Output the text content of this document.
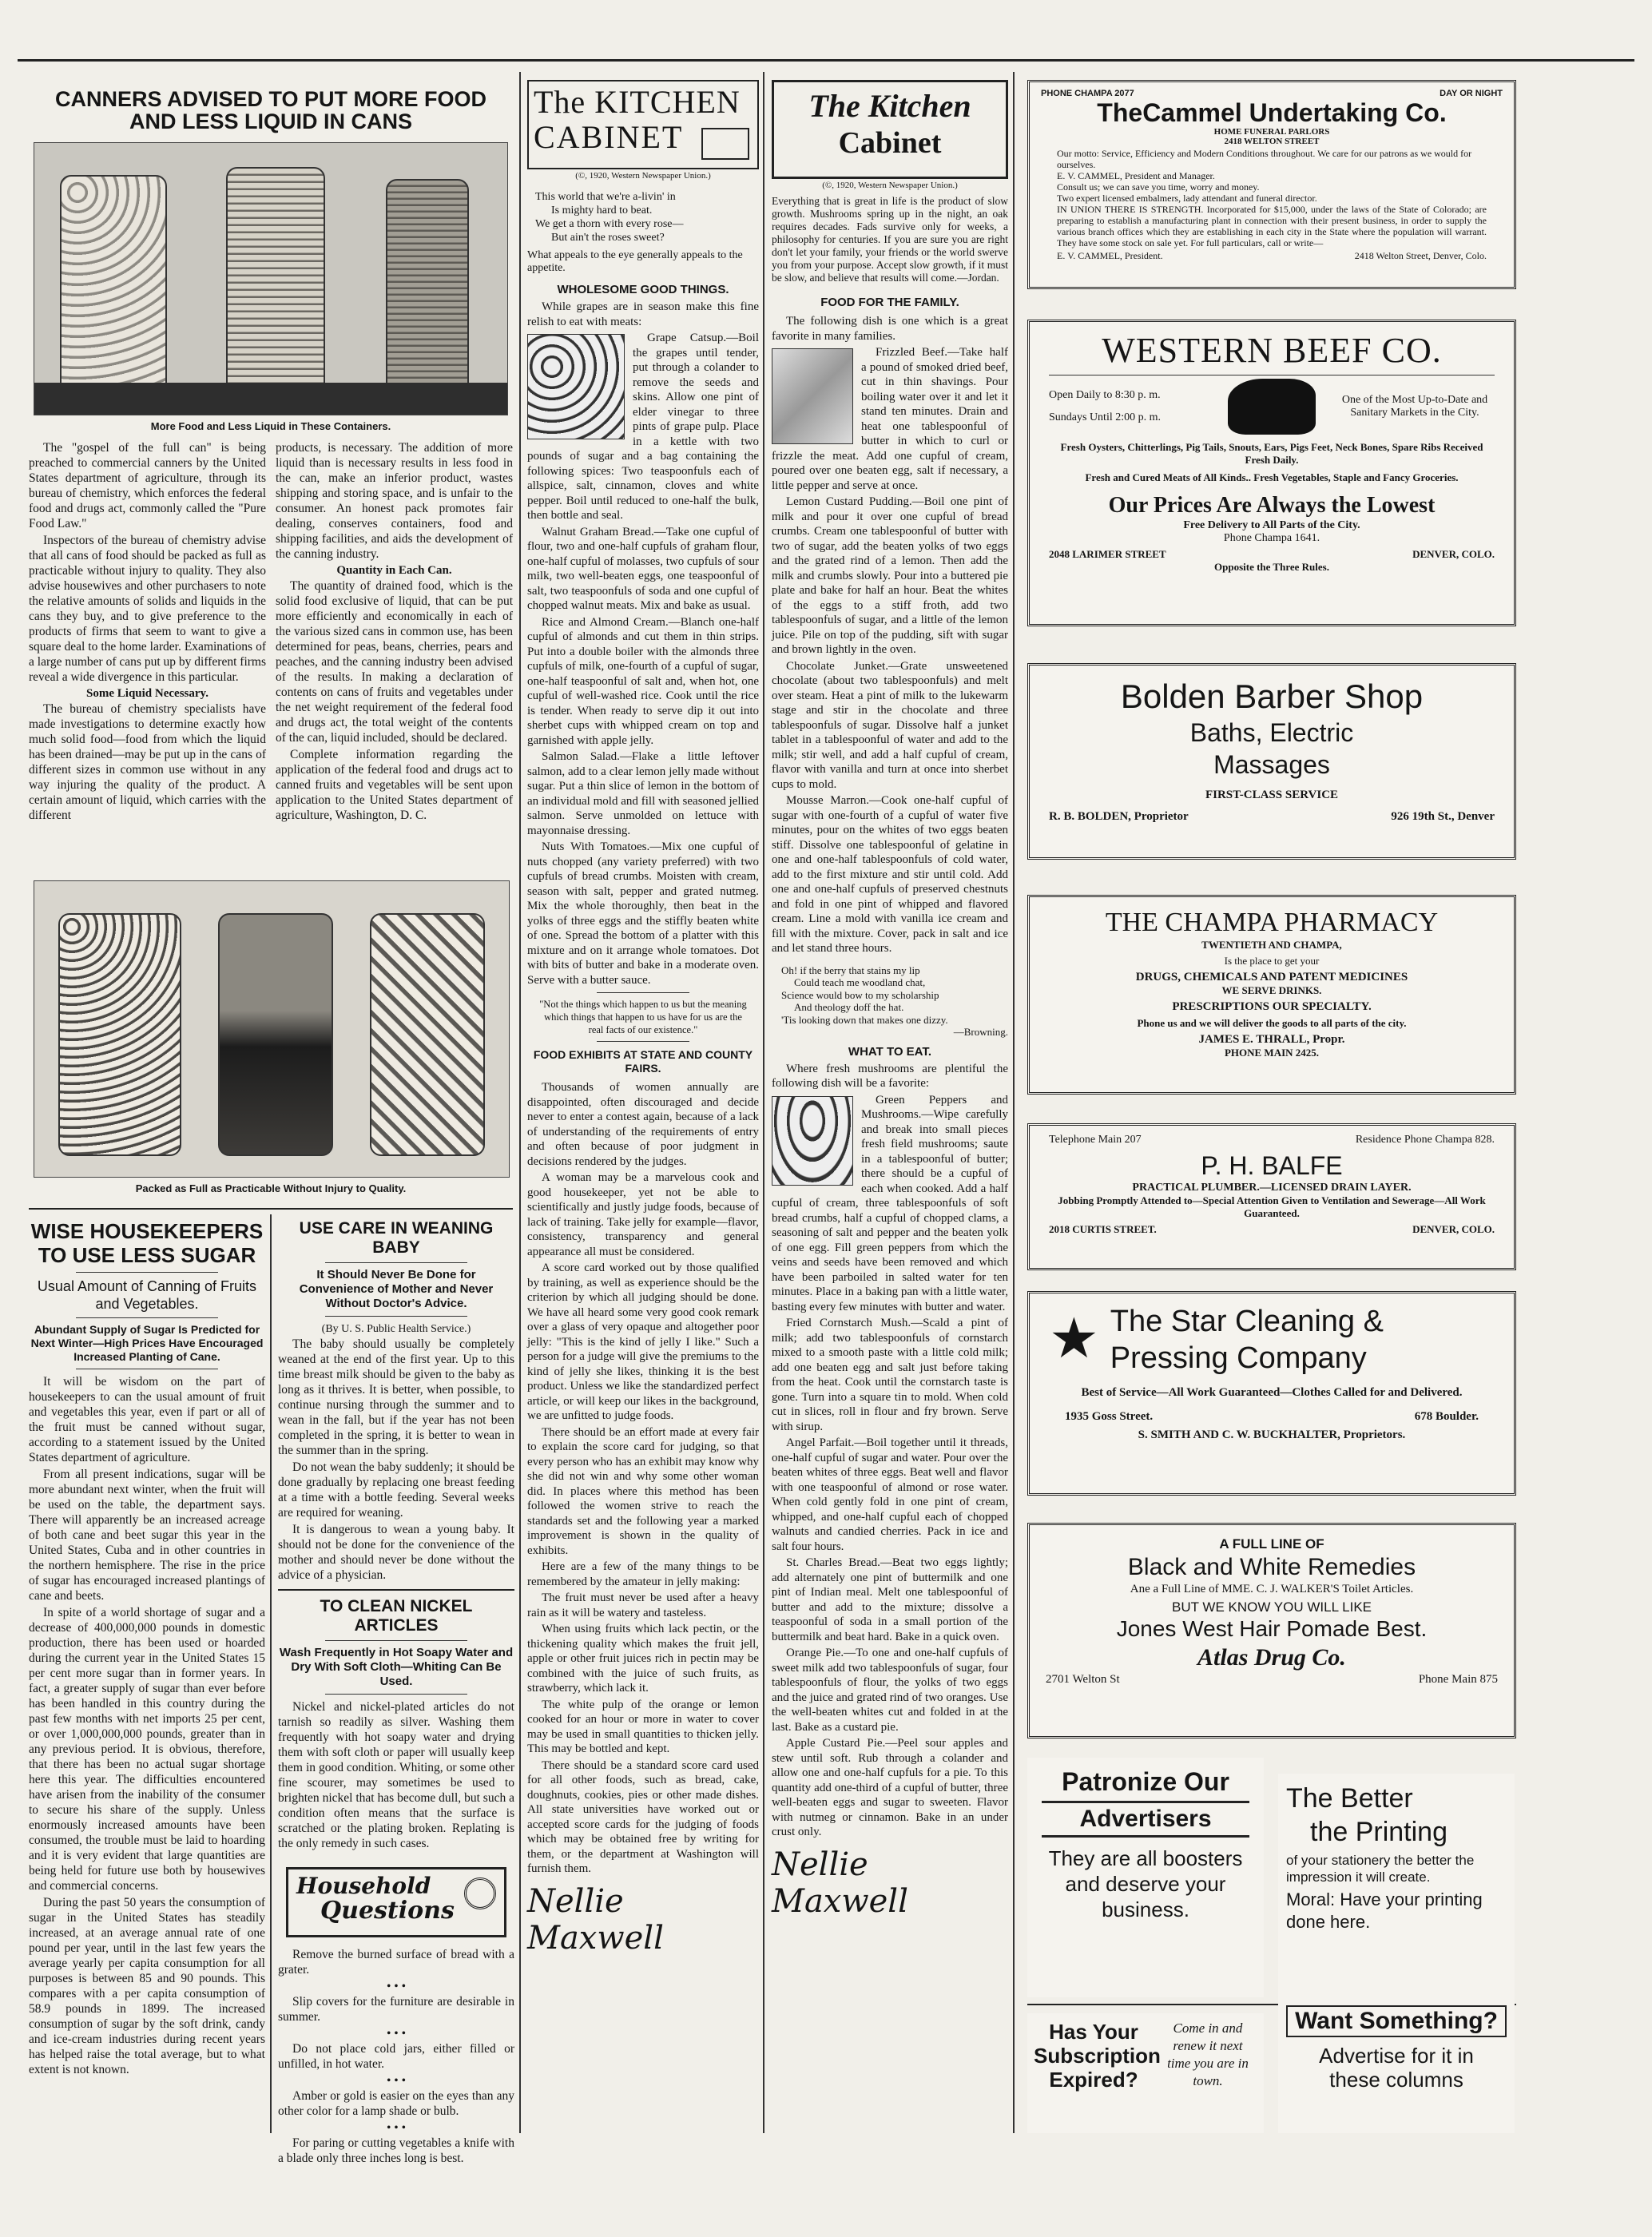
CANNERS ADVISED TO PUT MORE FOOD AND LESS LIQUID IN CANS
More Food and Less Liquid in These Containers.

The "gospel of the full can" is being preached to commercial canners by the United States department of agriculture, through its bureau of chemistry, which enforces the federal food and drugs act, commonly called the "Pure Food Law."

Inspectors of the bureau of chemistry advise that all cans of food should be packed as full as practicable without injury to quality. They also advise housewives and other purchasers to note the relative amounts of solids and liquids in the cans they buy, and to give preference to the products of firms that seem to want to give a square deal to the home larder. Examinations of a large number of cans put up by different firms reveal a wide divergence in this particular.

Some Liquid Necessary.

The bureau of chemistry specialists have made investigations to determine exactly how much solid food—food from which the liquid has been drained—may be put up in the cans of different sizes in common use without in any way injuring the quality of the product. A certain amount of liquid, which carries with the different

products, is necessary. The addition of more liquid than is necessary results in less food in the can, make an inferior product, wastes shipping and storing space, and is unfair to the consumer. An honest pack promotes fair dealing, conserves containers, food and shipping facilities, and aids the development of the canning industry.

Quantity in Each Can.

The quantity of drained food, which is the solid food exclusive of liquid, that can be put more efficiently and economically in each of the various sized cans in common use, has been determined for peas, beans, cherries, pears and peaches, and the canning industry been advised of the results. In making a declaration of contents on cans of fruits and vegetables under the net weight requirement of the federal food and drugs act, the total weight of the contents of the can, liquid included, should be declared.

Complete information regarding the application of the federal food and drugs act to canned fruits and vegetables will be sent upon application to the United States department of agriculture, Washington, D. C.

Packed as Full as Practicable Without Injury to Quality.
WISE HOUSEKEEPERS TO USE LESS SUGAR
Usual Amount of Canning of Fruits and Vegetables.
Abundant Supply of Sugar Is Predicted for Next Winter—High Prices Have Encouraged Increased Planting of Cane.

It will be wisdom on the part of housekeepers to can the usual amount of fruit and vegetables this year, even if part or all of the fruit must be canned without sugar, according to a statement issued by the United States department of agriculture.

From all present indications, sugar will be more abundant next winter, when the fruit will be used on the table, the department says. There will apparently be an increased acreage of both cane and beet sugar this year in the United States, Cuba and in other countries in the northern hemisphere. The rise in the price of sugar has encouraged increased plantings of cane and beets.

In spite of a world shortage of sugar and a decrease of 400,000,000 pounds in domestic production, there has been used or hoarded during the current year in the United States 15 per cent more sugar than in former years. In fact, a greater supply of sugar than ever before has been handled in this country during the past few months with net imports 25 per cent, or over 1,000,000,000 pounds, greater than in any previous period. It is obvious, therefore, that there has been no actual sugar shortage here this year. The difficulties encountered have arisen from the inability of the consumer to secure his share of the supply. Unless enormously increased amounts have been consumed, the trouble must be laid to hoarding and it is very evident that large quantities are being held for future use both by housewives and commercial concerns.

During the past 50 years the consumption of sugar in the United States has steadily increased, at an average annual rate of one pound per year, until in the last few years the average yearly per capita consumption for all purposes is between 85 and 90 pounds. This compares with a per capita consumption of 58.9 pounds in 1899. The increased consumption of sugar by the soft drink, candy and ice-cream industries during recent years has helped raise the total average, but to what extent is not known.

USE CARE IN WEANING BABY
It Should Never Be Done for Convenience of Mother and Never Without Doctor's Advice.
(By U. S. Public Health Service.)

The baby should usually be completely weaned at the end of the first year. Up to this time breast milk should be given to the baby as long as it thrives. It is better, when possible, to continue nursing through the summer and to wean in the fall, but if the year has not been completed in the spring, it is better to wean in the summer than in the spring.

Do not wean the baby suddenly; it should be done gradually by replacing one breast feeding at a time with a bottle feeding. Several weeks are required for weaning.

It is dangerous to wean a young baby. It should not be done for the convenience of the mother and should never be done without the advice of a physician.

TO CLEAN NICKEL ARTICLES
Wash Frequently in Hot Soapy Water and Dry With Soft Cloth—Whiting Can Be Used.

Nickel and nickel-plated articles do not tarnish so readily as silver. Washing them frequently with hot soapy water and drying them with soft cloth or paper will usually keep them in good condition. Whiting, or some other fine scourer, may sometimes be used to brighten nickel that has become dull, but such a condition often means that the surface is scratched or the plating broken. Replating is the only remedy in such cases.

Household
Questions

Remove the burned surface of bread with a grater.

• • •

Slip covers for the furniture are desirable in summer.

• • •

Do not place cold jars, either filled or unfilled, in hot water.

• • •

Amber or gold is easier on the eyes than any other color for a lamp shade or bulb.

• • •

For paring or cutting vegetables a knife with a blade only three inches long is best.

The KITCHEN
CABINET
(©, 1920, Western Newspaper Union.)
This world that we're a-livin' in
Is mighty hard to beat.
We get a thorn with every rose—
But ain't the roses sweet?
What appeals to the eye generally appeals to the appetite.
WHOLESOME GOOD THINGS.

While grapes are in season make this fine relish to eat with meats:

Grape Catsup.—Boil the grapes until tender, put through a colander to remove the seeds and skins. Allow one pint of elder vinegar to three pints of grape pulp. Place in a kettle with two pounds of sugar and a bag containing the following spices: Two teaspoonfuls each of allspice, salt, cinnamon, cloves and white pepper. Boil until reduced to one-half the bulk, then bottle and seal.

Walnut Graham Bread.—Take one cupful of flour, two and one-half cupfuls of graham flour, one-half cupful of molasses, two cupfuls of sour milk, two well-beaten eggs, one teaspoonful of salt, two teaspoonfuls of soda and one cupful of chopped walnut meats. Mix and bake as usual.

Rice and Almond Cream.—Blanch one-half cupful of almonds and cut them in thin strips. Put into a double boiler with the almonds three cupfuls of milk, one-fourth of a cupful of sugar, one-half teaspoonful of salt and, when hot, one cupful of well-washed rice. Cook until the rice is tender. When ready to serve dip it out into sherbet cups with whipped cream on top and garnished with apple jelly.

Salmon Salad.—Flake a little leftover salmon, add to a clear lemon jelly made without sugar. Put a thin slice of lemon in the bottom of an individual mold and fill with seasoned jellied salmon. Serve unmolded on lettuce with mayonnaise dressing.

Nuts With Tomatoes.—Mix one cupful of nuts chopped (any variety preferred) with two cupfuls of bread crumbs. Moisten with cream, season with salt, pepper and grated nutmeg. Mix the whole thoroughly, then beat in the yolks of three eggs and the stiffly beaten white of one. Spread the bottom of a platter with this mixture and on it arrange whole tomatoes. Dot with bits of butter and bake in a moderate oven. Serve with a butter sauce.

"Not the things which happen to us but the meaning which things that happen to us have for us are the real facts of our existence."
FOOD EXHIBITS AT STATE AND COUNTY FAIRS.

Thousands of women annually are disappointed, often discouraged and decide never to enter a contest again, because of a lack of understanding of the requirements of entry and often because of poor judgment in decisions rendered by the judges.

A woman may be a marvelous cook and good housekeeper, yet not be able to scientifically and justly judge foods, because of lack of training. Take jelly for example—flavor, consistency, transparency and general appearance all must be considered.

A score card worked out by those qualified by training, as well as experience should be the criterion by which all judging should be done. We have all heard some very good cook remark over a glass of very opaque and altogether poor jelly: "This is the kind of jelly I like." Such a person for a judge will give the premiums to the kind of jelly she likes, thinking it is the best product. Unless we like the standardized perfect article, or will keep our likes in the background, we are unfitted to judge foods.

There should be an effort made at every fair to explain the score card for judging, so that every person who has an exhibit may know why she did not win and why some other woman did. In places where this method has been followed the women strive to reach the standards set and the following year a marked improvement is shown in the quality of exhibits.

Here are a few of the many things to be remembered by the amateur in jelly making:

The fruit must never be used after a heavy rain as it will be watery and tasteless.

When using fruits which lack pectin, or the thickening quality which makes the fruit jell, apple or other fruit juices rich in pectin may be combined with the juice of such fruits, as strawberry, which lack it.

The white pulp of the orange or lemon cooked for an hour or more in water to cover may be used in small quantities to thicken jelly. This may be bottled and kept.

There should be a standard score card used for all other foods, such as bread, cake, doughnuts, cookies, pies or other made dishes. All state universities have worked out or accepted score cards for the judging of foods which may be obtained free by writing for them, or the department at Washington will furnish them.

Nellie Maxwell
The Kitchen
Cabinet
(©, 1920, Western Newspaper Union.)
Everything that is great in life is the product of slow growth. Mushrooms spring up in the night, an oak requires decades. Fads survive only for weeks, a philosophy for centuries. If you are sure you are right don't let your family, your friends or the world swerve you from your purpose. Accept slow growth, if it must be slow, and believe that results will come.—Jordan.
FOOD FOR THE FAMILY.

The following dish is one which is a great favorite in many families.

Frizzled Beef.—Take half a pound of smoked dried beef, cut in thin shavings. Pour boiling water over it and let it stand ten minutes. Drain and heat one tablespoonful of butter in which to curl or frizzle the meat. Add one cupful of cream, poured over one beaten egg, salt if necessary, a little pepper and serve at once.

Lemon Custard Pudding.—Boil one pint of milk and pour it over one cupful of bread crumbs. Cream one tablespoonful of butter with two of sugar, add the beaten yolks of two eggs and the grated rind of a lemon. Then add the milk and crumbs slowly. Pour into a buttered pie plate and bake for half an hour. Beat the whites of the eggs to a stiff froth, add two tablespoonfuls of sugar, and a little of the lemon juice. Pile on top of the pudding, sift with sugar and brown lightly in the oven.

Chocolate Junket.—Grate unsweetened chocolate (about two tablespoonfuls) and melt over steam. Heat a pint of milk to the lukewarm stage and stir in the chocolate and three tablespoonfuls of sugar. Dissolve half a junket tablet in a tablespoonful of water and add to the milk; stir well, and add a half cupful of cream, flavor with vanilla and turn at once into sherbet cups to mold.

Mousse Marron.—Cook one-half cupful of sugar with one-fourth of a cupful of water five minutes, pour on the whites of two eggs beaten stiff. Dissolve one tablespoonful of gelatine in one and one-half tablespoonfuls of cold water, add to the first mixture and stir until cold. Add one and one-half cupfuls of preserved chestnuts and fold in one pint of whipped and flavored cream. Line a mold with vanilla ice cream and fill with the mixture. Cover, pack in salt and ice and let stand three hours.

Oh! if the berry that stains my lip
Could teach me woodland chat,
Science would bow to my scholarship
And theology doff the hat.
'Tis looking down that makes one dizzy.
—Browning.
WHAT TO EAT.

Where fresh mushrooms are plentiful the following dish will be a favorite:

Green Peppers and Mushrooms.—Wipe carefully and break into small pieces fresh field mushrooms; saute in a tablespoonful of butter; there should be a cupful of each when cooked. Add a half cupful of cream, three tablespoonfuls of soft bread crumbs, half a cupful of chopped clams, a seasoning of salt and pepper and the beaten yolk of one egg. Fill green peppers from which the veins and seeds have been removed and which have been parboiled in salted water for ten minutes. Place in a baking pan with a little water, basting every few minutes with butter and water.

Fried Cornstarch Mush.—Scald a pint of milk; add two tablespoonfuls of cornstarch mixed to a smooth paste with a little cold milk; add one beaten egg and salt just before taking from the heat. Cook until the cornstarch taste is gone. Turn into a square tin to mold. When cold cut in slices, roll in flour and fry brown. Serve with sirup.

Angel Parfait.—Boil together until it threads, one-half cupful of sugar and water. Pour over the beaten whites of three eggs. Beat well and flavor with one teaspoonful of almond or rose water. When cold gently fold in one pint of cream, whipped, and one-half cupful each of chopped walnuts and candied cherries. Pack in ice and salt four hours.

St. Charles Bread.—Beat two eggs lightly; add alternately one pint of buttermilk and one pint of Indian meal. Melt one tablespoonful of butter and add to the mixture; dissolve a teaspoonful of soda in a small portion of the buttermilk and beat hard. Bake in a quick oven.

Orange Pie.—To one and one-half cupfuls of sweet milk add two tablespoonfuls of sugar, four tablespoonfuls of flour, the yolks of two eggs and the juice and grated rind of two oranges. Use the well-beaten whites cut and folded in at the last. Bake as a custard pie.

Apple Custard Pie.—Peel sour apples and stew until soft. Rub through a colander and allow one and one-half cupfuls for a pie. To this quantity add one-third of a cupful of butter, three well-beaten eggs and sugar to sweeten. Flavor with nutmeg or cinnamon. Bake in an under crust only.

Nellie Maxwell
PHONE CHAMPA 2077	DAY OR NIGHT
TheCammel Undertaking Co.
HOME FUNERAL PARLORS
2418 WELTON STREET
Our motto: Service, Efficiency and Modern Conditions throughout. We care for our patrons as we would for ourselves.
E. V. CAMMEL, President and Manager.
Consult us; we can save you time, worry and money.
Two expert licensed embalmers, lady attendant and funeral director.
IN UNION THERE IS STRENGTH. Incorporated for $15,000, under the laws of the State of Colorado; are preparing to establish a manufacturing plant in connection with their present business, in order to supply the various branch offices which they are establishing in each city in the State where the population will warrant. They have some stock on sale yet. For full particulars, call or write—
E. V. CAMMEL, President.	2418 Welton Street, Denver, Colo.
WESTERN BEEF CO.
Open Daily to 8:30 p. m.
Sundays Until 2:00 p. m.
One of the Most Up-to-Date and Sanitary Markets in the City.
Fresh Oysters, Chitterlings, Pig Tails, Snouts, Ears, Pigs Feet, Neck Bones, Spare Ribs Received Fresh Daily.
Fresh and Cured Meats of All Kinds.. Fresh Vegetables, Staple and Fancy Groceries.
Our Prices Are Always the Lowest
Free Delivery to All Parts of the City.
Phone Champa 1641.
2048 LARIMER STREET	DENVER, COLO.
Opposite the Three Rules.
Bolden Barber Shop
Baths, Electric
Massages
FIRST-CLASS SERVICE
R. B. BOLDEN, Proprietor	926 19th St., Denver
THE CHAMPA PHARMACY
TWENTIETH AND CHAMPA,
Is the place to get your
DRUGS, CHEMICALS AND PATENT MEDICINES
WE SERVE DRINKS.
PRESCRIPTIONS OUR SPECIALTY.
Phone us and we will deliver the goods to all parts of the city.
JAMES E. THRALL, Propr.
PHONE MAIN 2425.
Telephone Main 207	Residence Phone Champa 828.
P. H. BALFE
PRACTICAL PLUMBER.—LICENSED DRAIN LAYER.
Jobbing Promptly Attended to—Special Attention Given to Ventilation and Sewerage—All Work Guaranteed.
2018 CURTIS STREET.	DENVER, COLO.
★ The Star Cleaning &
Pressing Company
Best of Service—All Work Guaranteed—Clothes Called for and Delivered.
1935 Goss Street.	678 Boulder.
S. SMITH AND C. W. BUCKHALTER, Proprietors.
A FULL LINE OF
Black and White Remedies
Ane a Full Line of MME. C. J. WALKER'S Toilet Articles.
BUT WE KNOW YOU WILL LIKE
Jones West Hair Pomade Best.
Atlas Drug Co.
2701 Welton St	Phone Main 875
Patronize Our
Advertisers
They are all boosters and deserve your business.
The Better
the Printing
of your stationery the better the impression it will create.
Moral: Have your printing done here.
Has Your Subscription Expired?
Come in and renew it next time you are in town.
Want Something?
Advertise for it in these columns
